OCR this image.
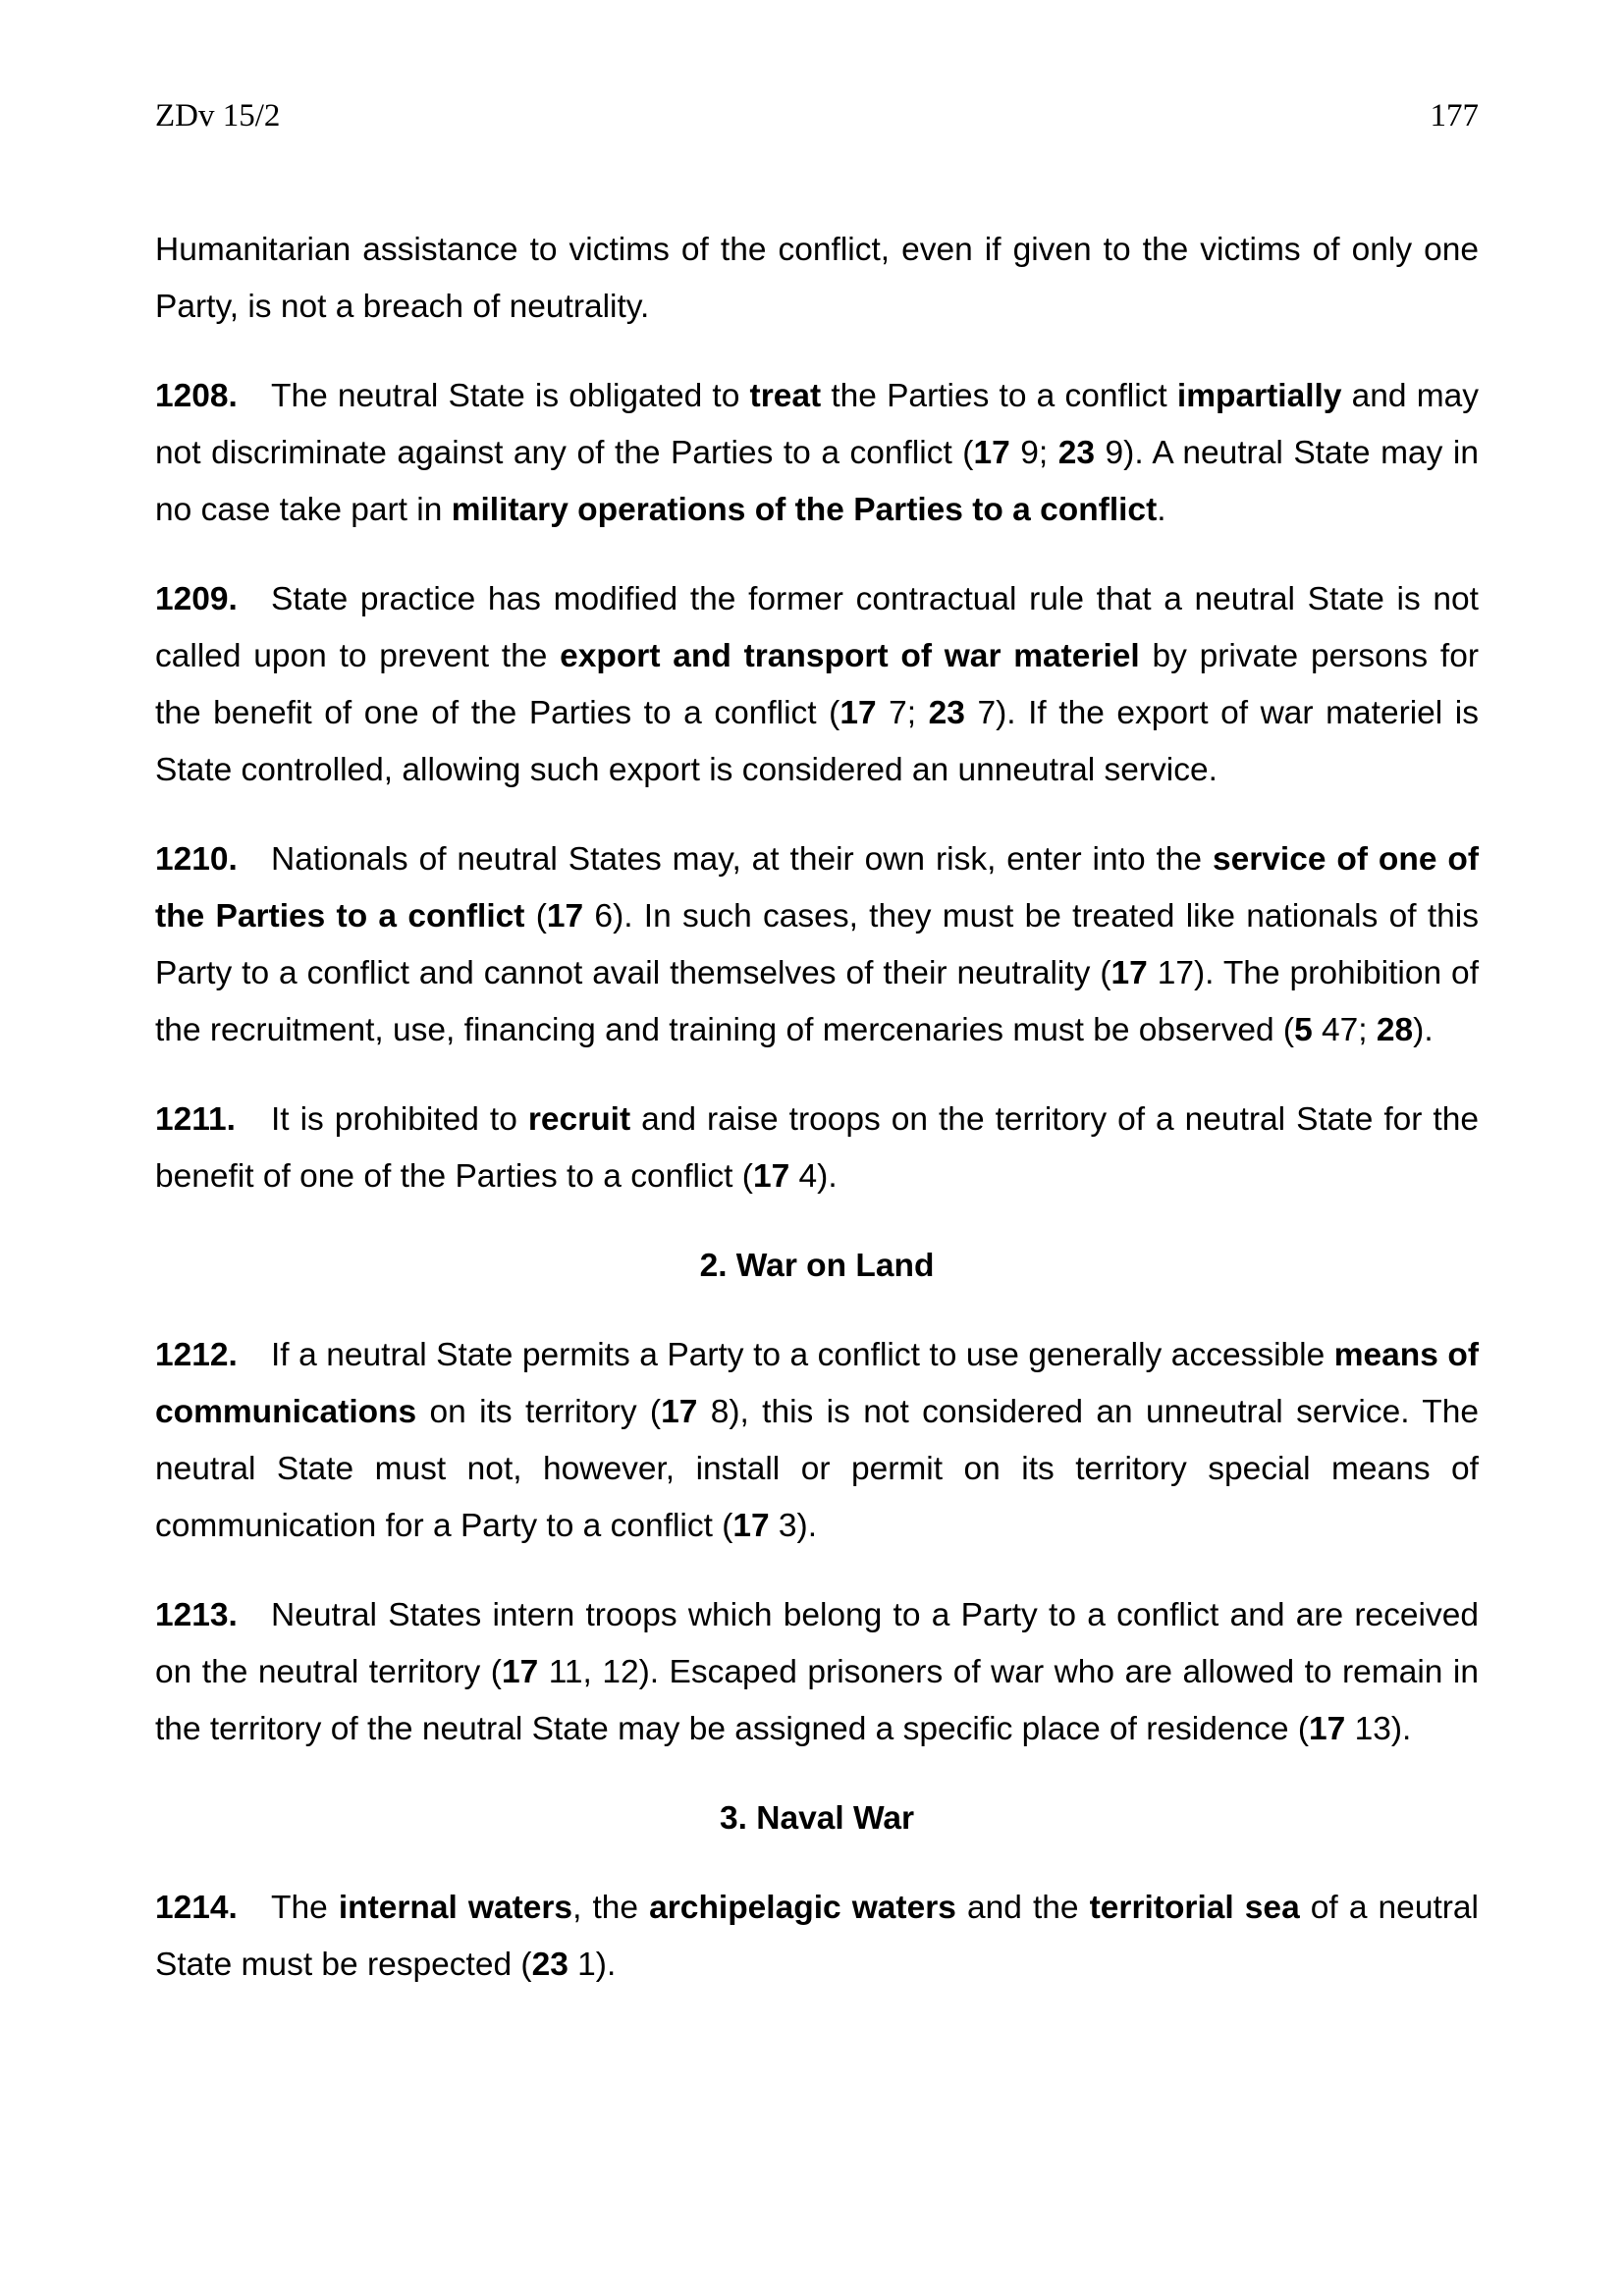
ZDv 15/2	177

Humanitarian assistance to victims of the conflict, even if given to the victims of only one Party, is not a breach of neutrality.

1208. The neutral State is obligated to treat the Parties to a conflict impartially and may not discriminate against any of the Parties to a conflict (17 9; 23 9). A neutral State may in no case take part in military operations of the Parties to a conflict.

1209. State practice has modified the former contractual rule that a neutral State is not called upon to prevent the export and transport of war materiel by private persons for the benefit of one of the Parties to a conflict (17 7; 23 7). If the export of war materiel is State controlled, allowing such export is considered an unneutral service.

1210. Nationals of neutral States may, at their own risk, enter into the service of one of the Parties to a conflict (17 6). In such cases, they must be treated like nationals of this Party to a conflict and cannot avail themselves of their neutrality (17 17). The prohibition of the recruitment, use, financing and training of mercenaries must be observed (5 47; 28).

1211. It is prohibited to recruit and raise troops on the territory of a neutral State for the benefit of one of the Parties to a conflict (17 4).

2. War on Land

1212. If a neutral State permits a Party to a conflict to use generally accessible means of communications on its territory (17 8), this is not considered an unneutral service. The neutral State must not, however, install or permit on its territory special means of communication for a Party to a conflict (17 3).

1213. Neutral States intern troops which belong to a Party to a conflict and are received on the neutral territory (17 11, 12). Escaped prisoners of war who are allowed to remain in the territory of the neutral State may be assigned a specific place of residence (17 13).

3. Naval War

1214. The internal waters, the archipelagic waters and the territorial sea of a neutral State must be respected (23 1).
